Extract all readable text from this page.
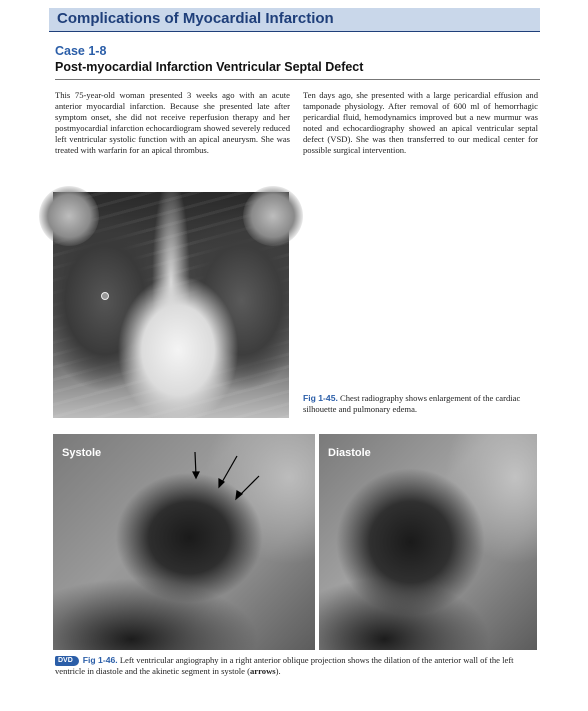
Complications of Myocardial Infarction
Case 1-8
Post-myocardial Infarction Ventricular Septal Defect

This 75-year-old woman presented 3 weeks ago with an acute anterior myocardial infarction. Because she presented late after symptom onset, she did not receive reperfusion therapy and her postmyocardial infarction echocardiogram showed severely reduced left ventricular systolic function with an apical aneurysm. She was treated with warfarin for an apical thrombus.

Ten days ago, she presented with a large pericardial effusion and tamponade physiology. After removal of 600 ml of hemorrhagic pericardial fluid, hemodynamics improved but a new murmur was noted and echocardiography showed an apical ventricular septal defect (VSD). She was then transferred to our medical center for possible surgical intervention.

Fig 1-45. Chest radiography shows enlargement of the cardiac silhouette and pulmonary edema.

Systole	Diastole

DVD Fig 1-46. Left ventricular angiography in a right anterior oblique projection shows the dilation of the anterior wall of the left ventricle in diastole and the akinetic segment in systole (arrows).
